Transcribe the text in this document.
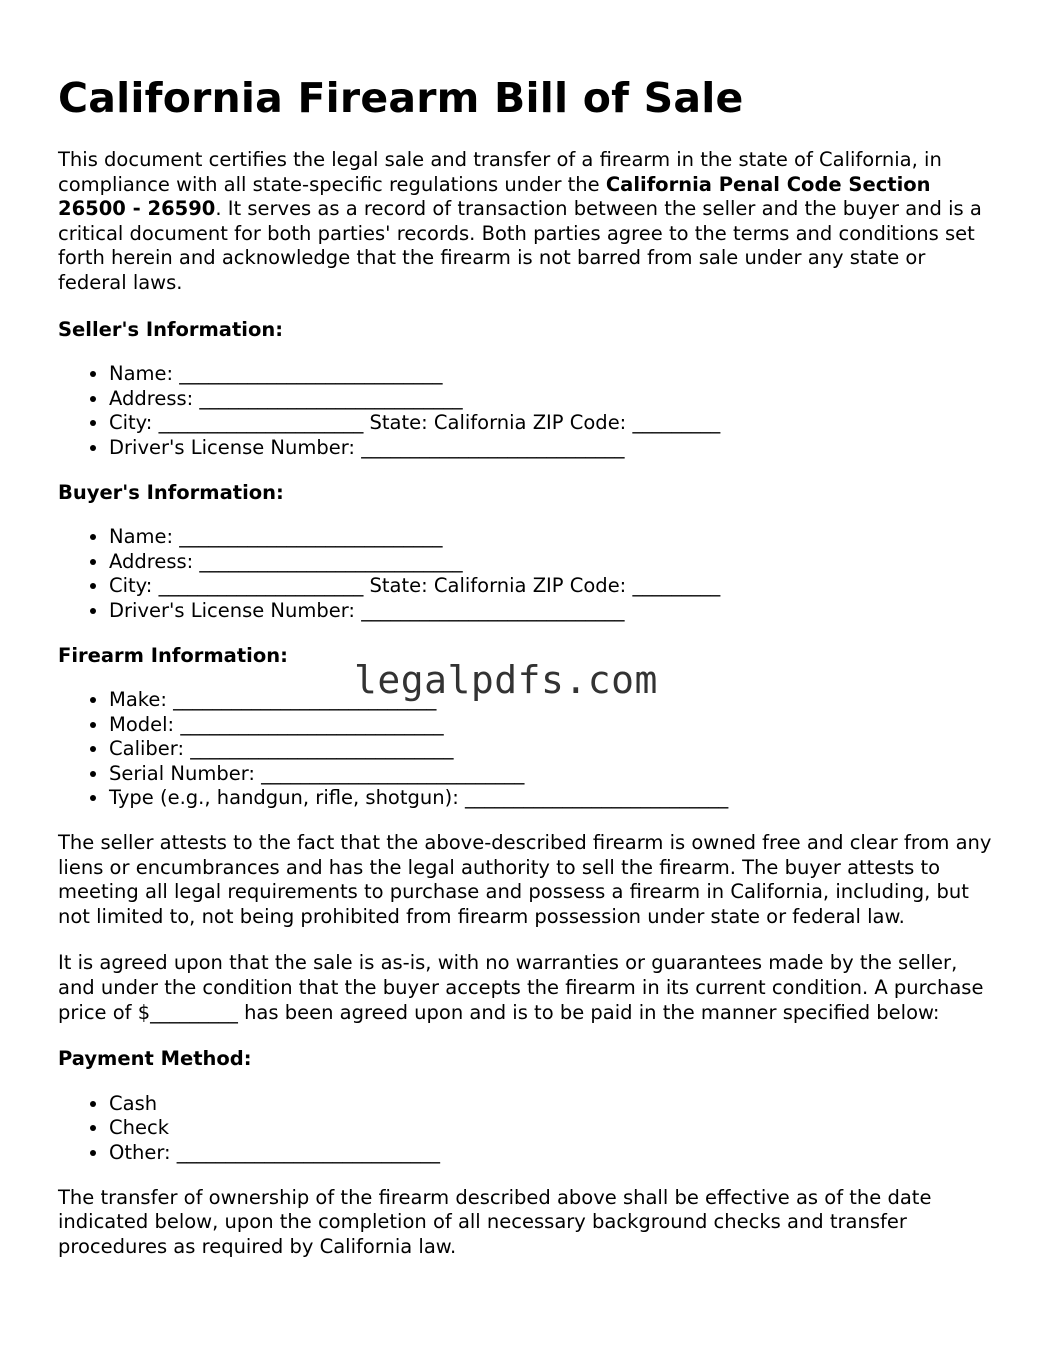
California Firearm Bill of Sale

This document certifies the legal sale and transfer of a firearm in the state of California, in compliance with all state-specific regulations under the California Penal Code Section 26500 - 26590. It serves as a record of transaction between the seller and the buyer and is a critical document for both parties' records. Both parties agree to the terms and conditions set forth herein and acknowledge that the firearm is not barred from sale under any state or federal laws.

Seller's Information:
• Name: ___________________________
• Address: ___________________________
• City: _____________________ State: California ZIP Code: _________
• Driver's License Number: ___________________________
Buyer's Information:
• Name: ___________________________
• Address: ___________________________
• City: _____________________ State: California ZIP Code: _________
• Driver's License Number: ___________________________
Firearm Information:
• Make: ___________________________
• Model: ___________________________
• Caliber: ___________________________
• Serial Number: ___________________________
• Type (e.g., handgun, rifle, shotgun): ___________________________

The seller attests to the fact that the above-described firearm is owned free and clear from any liens or encumbrances and has the legal authority to sell the firearm. The buyer attests to meeting all legal requirements to purchase and possess a firearm in California, including, but not limited to, not being prohibited from firearm possession under state or federal law.

It is agreed upon that the sale is as-is, with no warranties or guarantees made by the seller, and under the condition that the buyer accepts the firearm in its current condition. A purchase price of $_________ has been agreed upon and is to be paid in the manner specified below:

Payment Method:
• Cash
• Check
• Other: ___________________________

The transfer of ownership of the firearm described above shall be effective as of the date indicated below, upon the completion of all necessary background checks and transfer procedures as required by California law.

legalpdfs.com
